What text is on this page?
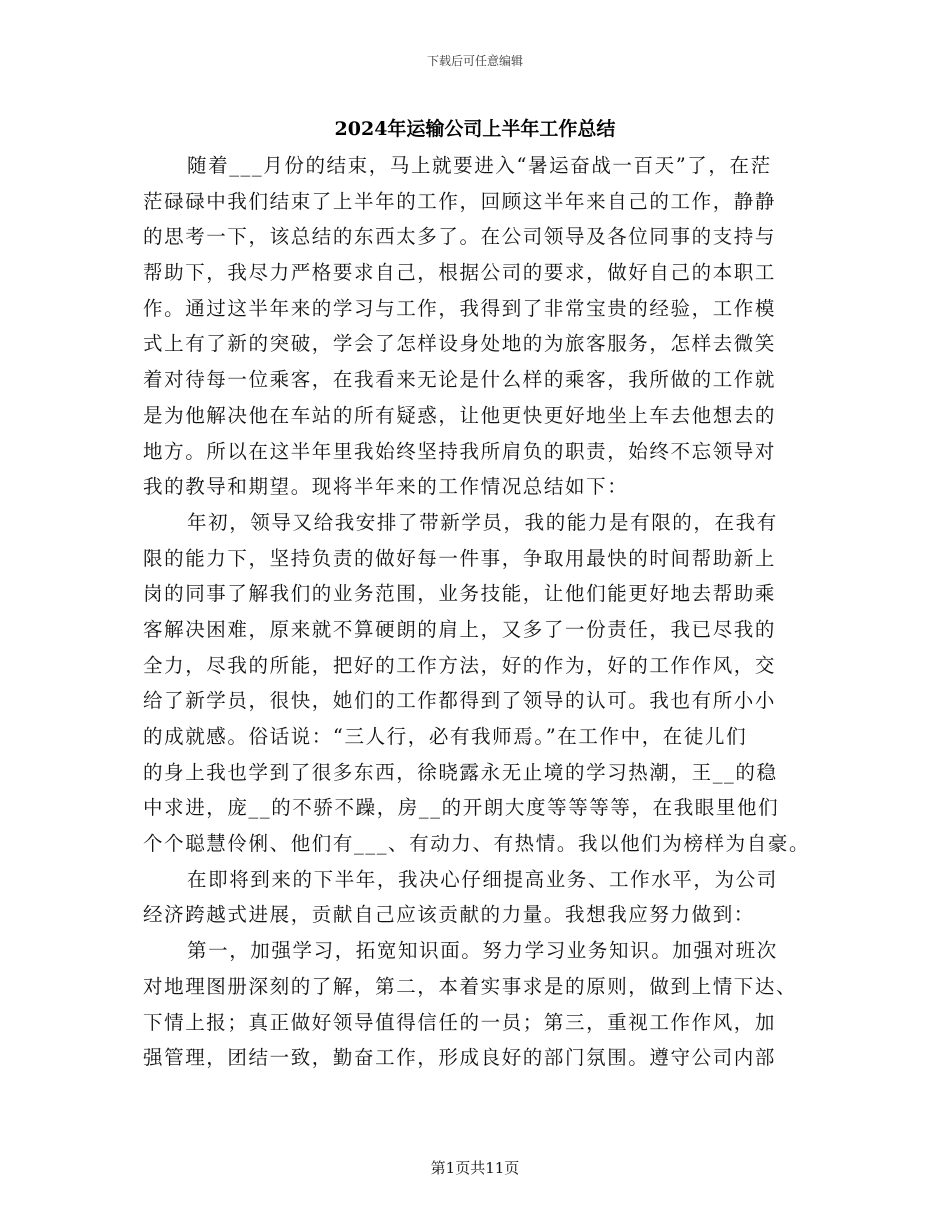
下载后可任意编辑
2024年运输公司上半年工作总结
随着___月份的结束，马上就要进入“暑运奋战一百天”了，在茫
茫碌碌中我们结束了上半年的工作，回顾这半年来自己的工作，静静
的思考一下，该总结的东西太多了。在公司领导及各位同事的支持与
帮助下，我尽力严格要求自己，根据公司的要求，做好自己的本职工
作。通过这半年来的学习与工作，我得到了非常宝贵的经验，工作模
式上有了新的突破，学会了怎样设身处地的为旅客服务，怎样去微笑
着对待每一位乘客，在我看来无论是什么样的乘客，我所做的工作就
是为他解决他在车站的所有疑惑，让他更快更好地坐上车去他想去的
地方。所以在这半年里我始终坚持我所肩负的职责，始终不忘领导对
我的教导和期望。现将半年来的工作情况总结如下：
年初，领导又给我安排了带新学员，我的能力是有限的，在我有
限的能力下，坚持负责的做好每一件事，争取用最快的时间帮助新上
岗的同事了解我们的业务范围，业务技能，让他们能更好地去帮助乘
客解决困难，原来就不算硬朗的肩上，又多了一份责任，我已尽我的
全力，尽我的所能，把好的工作方法，好的作为，好的工作作风，交
给了新学员，很快，她们的工作都得到了领导的认可。我也有所小小
的成就感。俗话说：“三人行，必有我师焉。”在工作中，在徒儿们
的身上我也学到了很多东西，徐晓露永无止境的学习热潮，王__的稳
中求进，庞__的不骄不躁，房__的开朗大度等等等等，在我眼里他们
个个聪慧伶俐、他们有___、有动力、有热情。我以他们为榜样为自豪。
在即将到来的下半年，我决心仔细提高业务、工作水平，为公司
经济跨越式进展，贡献自己应该贡献的力量。我想我应努力做到：
第一，加强学习，拓宽知识面。努力学习业务知识。加强对班次
对地理图册深刻的了解，第二，本着实事求是的原则，做到上情下达、
下情上报；真正做好领导值得信任的一员；第三，重视工作作风，加
强管理，团结一致，勤奋工作，形成良好的部门氛围。遵守公司内部
第1页共11页
